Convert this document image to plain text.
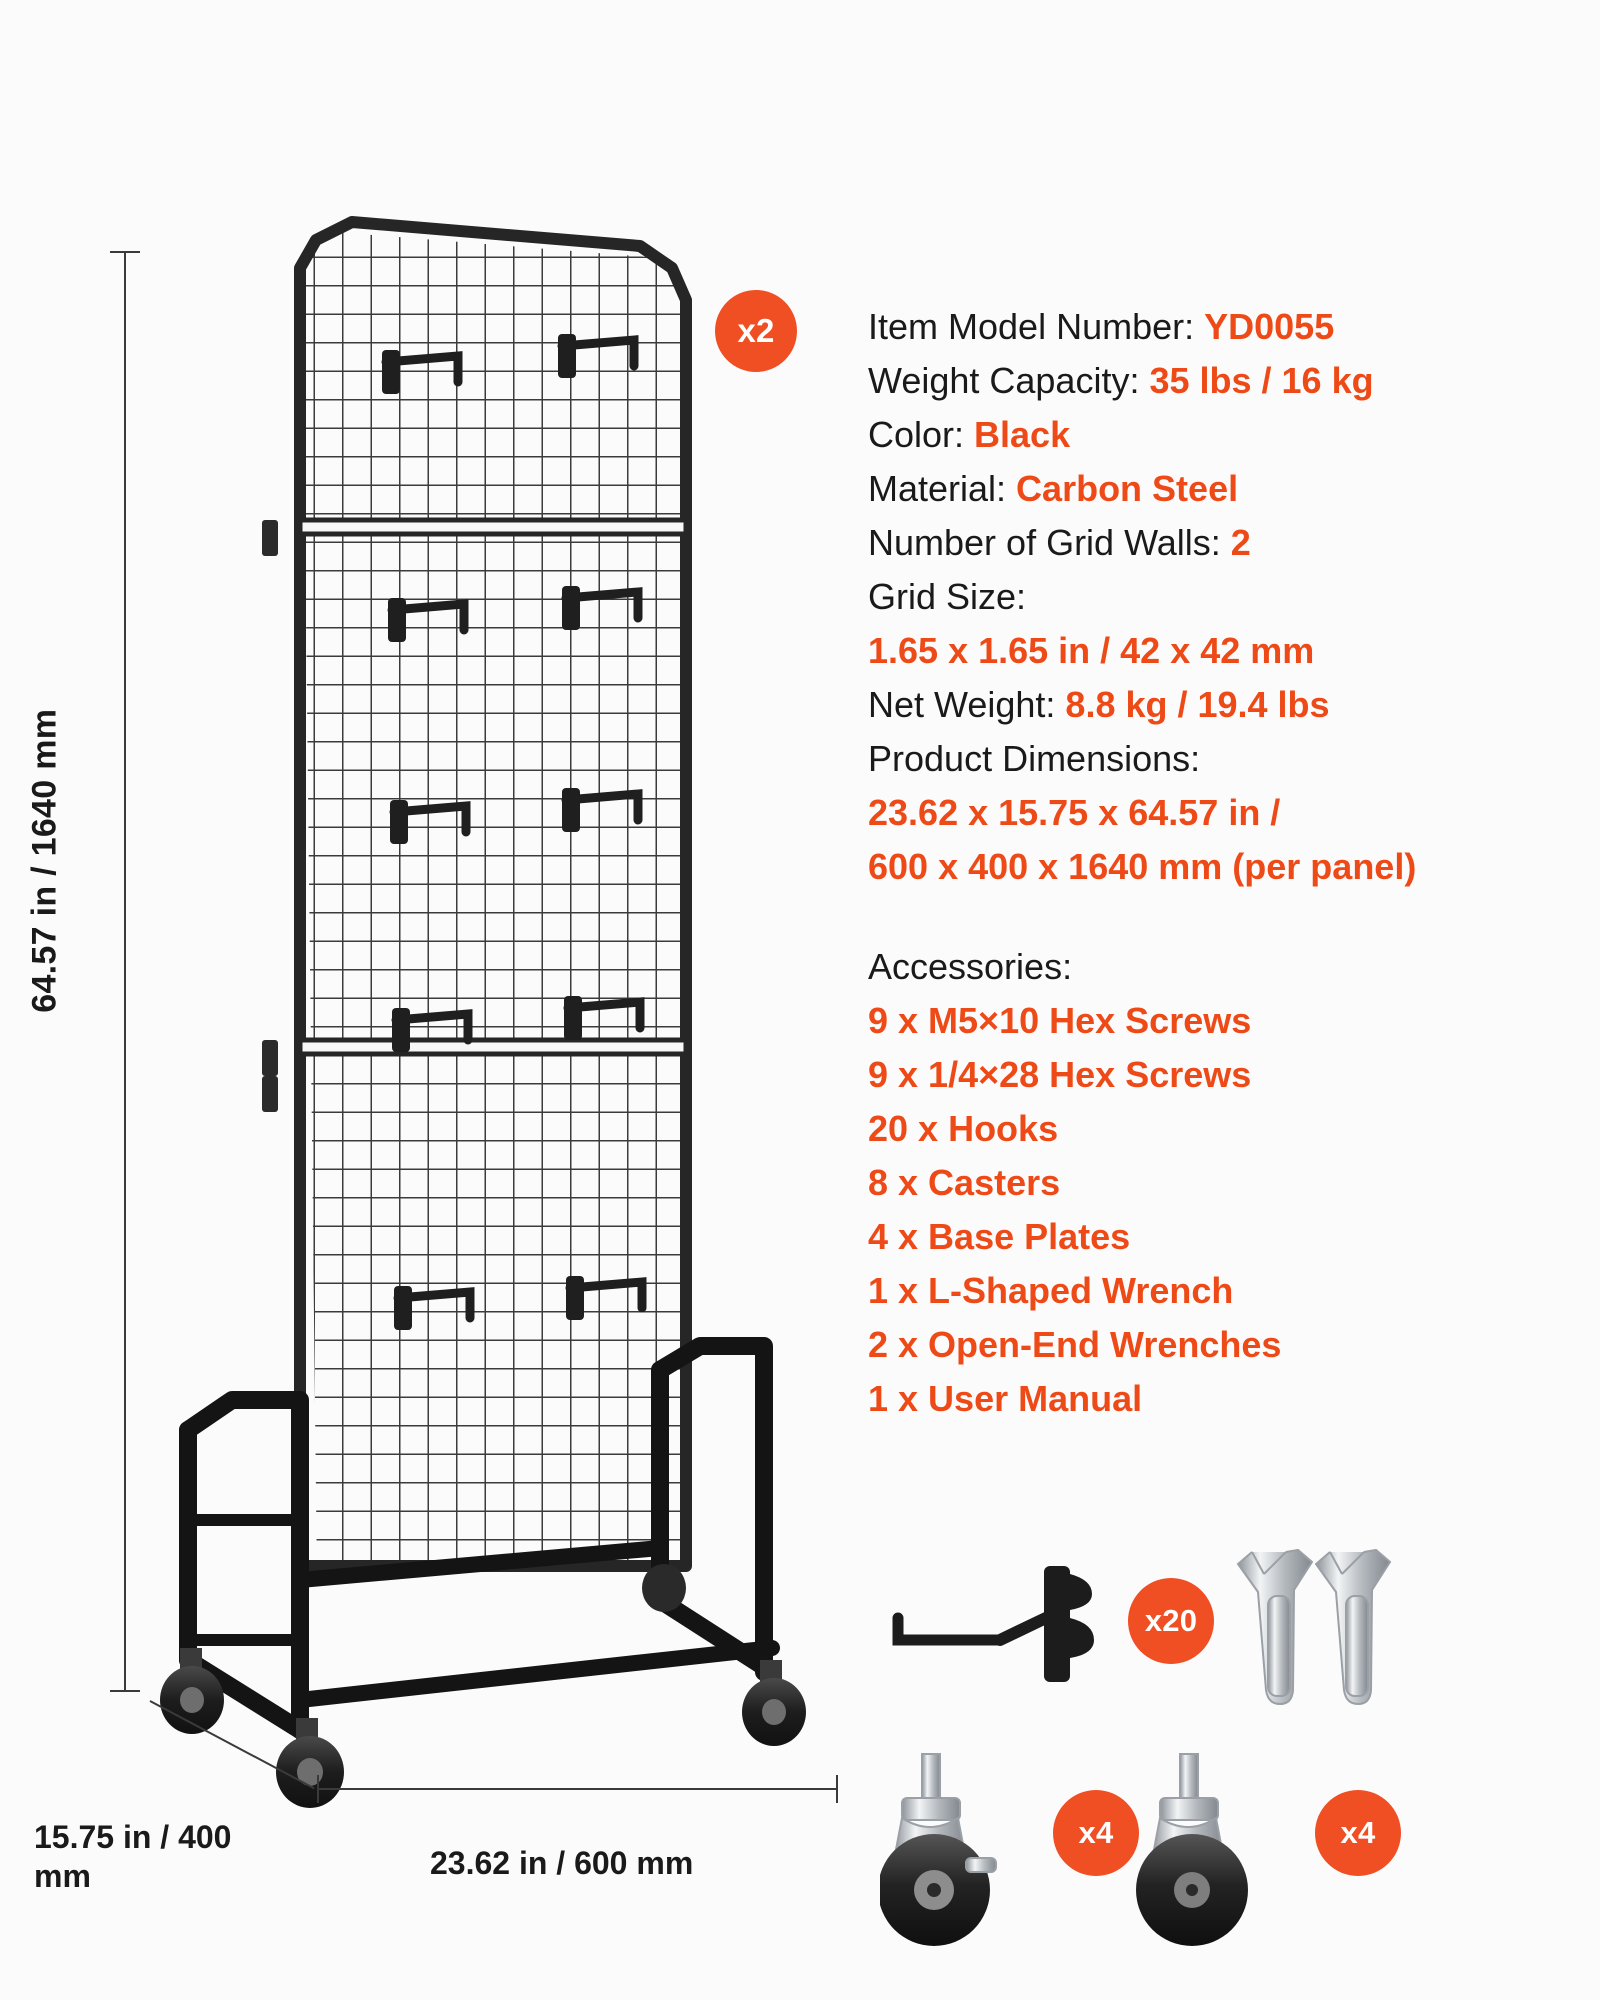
64.57 in / 1640 mm
15.75 in / 400 mm	23.62 in / 600 mm
x2	Item Model Number: YD0055
Weight Capacity: 35 lbs / 16 kg
Color: Black
Material: Carbon Steel
Number of Grid Walls: 2
Grid Size:
1.65 x 1.65 in / 42 x 42 mm
Net Weight: 8.8 kg / 19.4 lbs
Product Dimensions:
23.62 x 15.75 x 64.57 in /
600 x 400 x 1640 mm (per panel)
Accessories:
9 x M5×10 Hex Screws
9 x 1/4×28 Hex Screws
20 x Hooks
8 x Casters
4 x Base Plates
1 x L-Shaped Wrench
2 x Open-End Wrenches
1 x User Manual
x20
x4	x4
